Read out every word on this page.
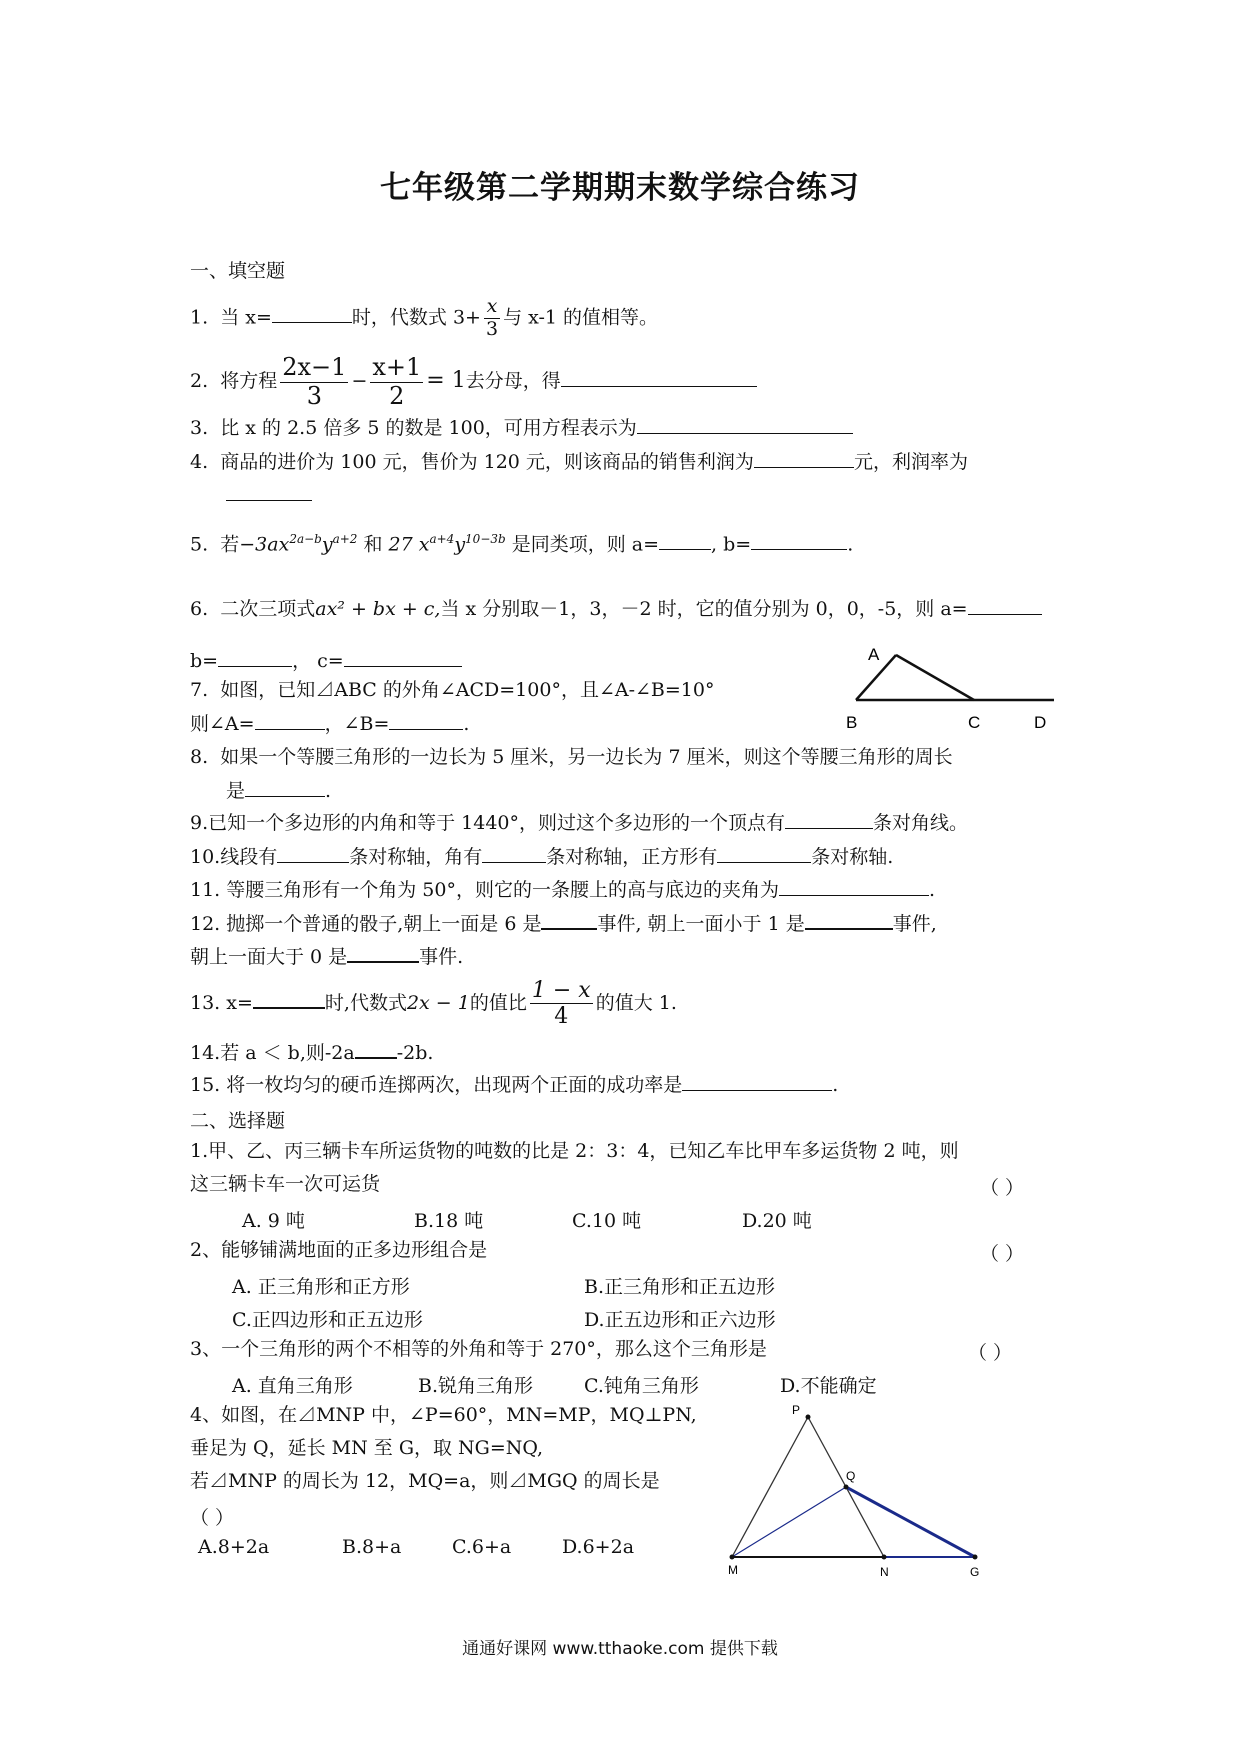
七年级第二学期期末数学综合练习
一、填空题
1. 当 x=	时，代数式 $3+ \frac{x}{3}$ 与 x-1 的值相等。
2. 将方程 $\frac{2x-1}{3} - \frac{x+1}{2} = 1$去分母，得
3. 比 x 的 2.5 倍多 5 的数是 100，可用方程表示为
4. 商品的进价为 100 元，售价为 120 元，则该商品的销售利润为	元，利润率为
5. 若$-3ax^{2a-b}y^{a+2}$ 和 27 $x^{a+4}y^{10-3b}$ 是同类项，则 a=	, b=	.
6. 二次三项式ax² + bx + c,当 x 分别取－1，3，－2 时，它的值分别为 0，0，-5，则 a=
b=	， c=	A
B	C	D
7. 如图，已知⊿ABC 的外角∠ACD=100°，且∠A-∠B=10°
则∠A=	，∠B=	.
8. 如果一个等腰三角形的一边长为 5 厘米，另一边长为 7 厘米，则这个等腰三角形的周长
是	.
9.已知一个多边形的内角和等于 1440°，则过这个多边形的一个顶点有	条对角线。
10.线段有	条对称轴，角有	条对称轴，正方形有	条对称轴.
11. 等腰三角形有一个角为 50°，则它的一条腰上的高与底边的夹角为	.
12. 抛掷一个普通的骰子,朝上一面是 6 是	事件, 朝上一面小于 1 是	事件,
朝上一面大于 0 是	事件.
13. x=	时,代数式2x − 1的值比 $\frac{1 - x}{4}$ 的值大 1.
14.若 a ＜ b,则-2a -2b.
15. 将一枚均匀的硬币连掷两次，出现两个正面的成功率是	.
二、选择题
1.甲、乙、丙三辆卡车所运货物的吨数的比是 2：3：4，已知乙车比甲车多运货物 2 吨，则
这三辆卡车一次可运货	（ ）
A. 9 吨	B.18 吨	C.10 吨	D.20 吨
2、能够铺满地面的正多边形组合是	（ ）
A. 正三角形和正方形	B.正三角形和正五边形
C.正四边形和正五边形	D.正五边形和正六边形
3、一个三角形的两个不相等的外角和等于 270°，那么这个三角形是	（ ）
A. 直角三角形	B.锐角三角形	C.钝角三角形	D.不能确定
4、如图，在⊿MNP 中，∠P=60°，MN=MP，MQ⊥PN,
垂足为 Q，延长 MN 至 G，取 NG=NQ,
若⊿MNP 的周长为 12，MQ=a，则⊿MGQ 的周长是
（ ）
A.8+2a	B.8+a	C.6+a	D.6+2a
P
Q
M	N	G
通通好课网 www.tthaoke.com 提供下载
